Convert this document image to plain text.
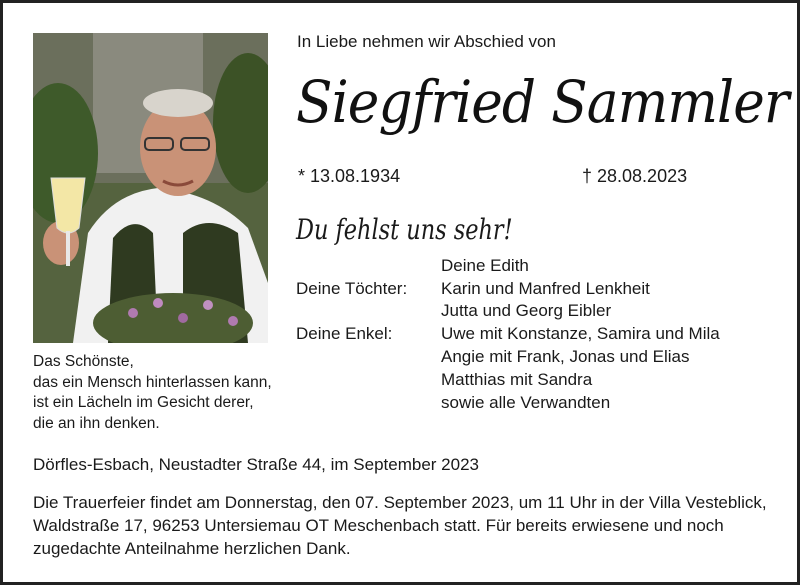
In Liebe nehmen wir Abschied von
Siegfried Sammler
* 13.08.1934	† 28.08.2023
Du fehlst uns sehr!
Deine Edith
Deine Töchter: Karin und Manfred Lenkheit
Jutta und Georg Eibler
Deine Enkel:	Uwe mit Konstanze, Samira und Mila
Angie mit Frank, Jonas und Elias
Matthias mit Sandra
sowie alle Verwandten
Das Schönste,
das ein Mensch hinterlassen kann,
ist ein Lächeln im Gesicht derer,
die an ihn denken.
Dörfles-Esbach, Neustadter Straße 44, im September 2023
Die Trauerfeier findet am Donnerstag, den 07. September 2023, um 11 Uhr in der Villa Vesteblick,
Waldstraße 17, 96253 Untersiemau OT Meschenbach statt. Für bereits erwiesene und noch
zugedachte Anteilnahme herzlichen Dank.
